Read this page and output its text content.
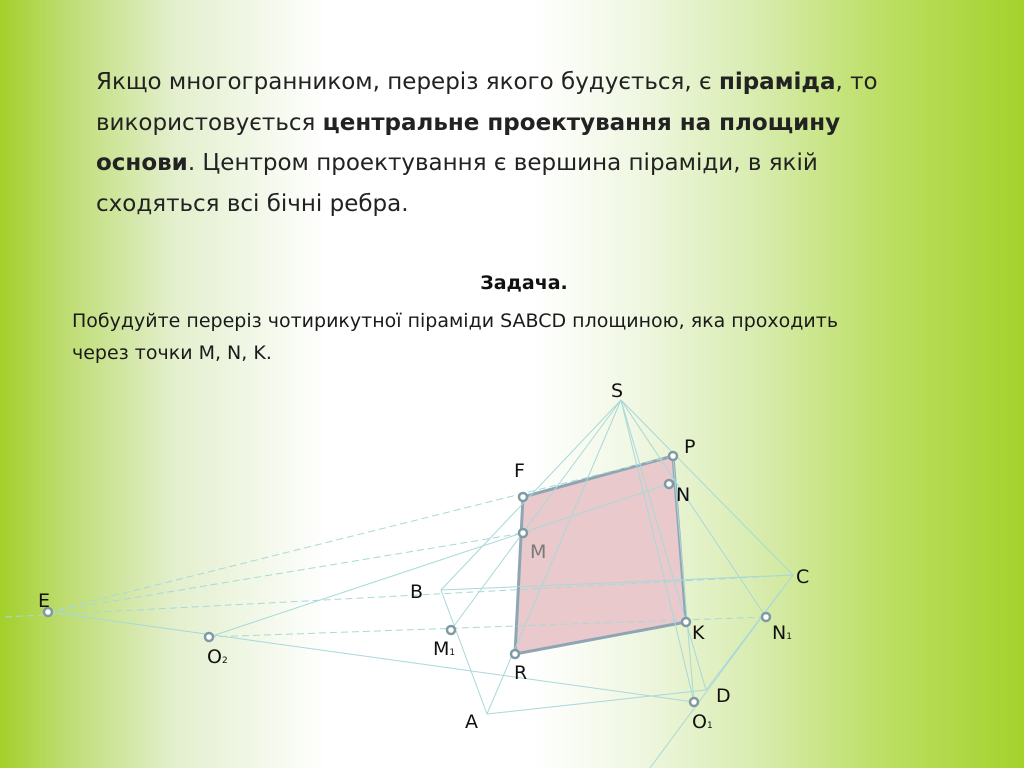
Якщо многогранником, переріз якого будується, є піраміда, то використовується центральне проектування на площину основи. Центром проектування є вершина піраміди, в якій сходяться всі бічні ребра.
Задача.
Побудуйте переріз чотирикутної піраміди SABCD площиною, яка проходить через точки M, N, K.
S
P
F
N
M
C
E	B
M1
K	N1
O2
R
D
A	O1
